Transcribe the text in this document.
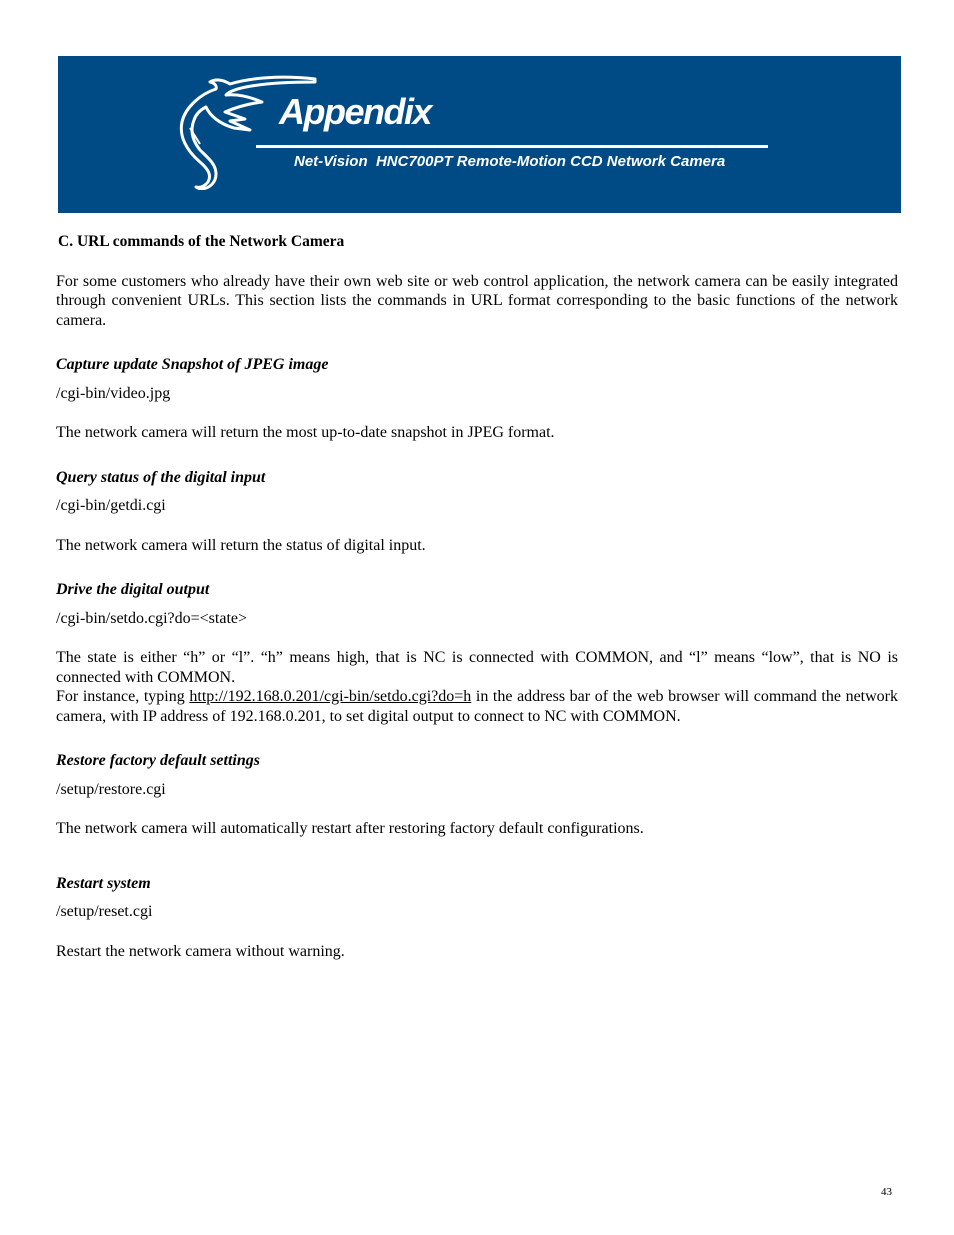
Appendix
Net-Vision  HNC700PT Remote-Motion CCD Network Camera

C. URL commands of the Network Camera

For some customers who already have their own web site or web control application, the network camera can be easily integrated through convenient URLs. This section lists the commands in URL format corresponding to the basic functions of the network camera.

Capture update Snapshot of JPEG image

/cgi-bin/video.jpg

The network camera will return the most up-to-date snapshot in JPEG format.

Query status of the digital input

/cgi-bin/getdi.cgi

The network camera will return the status of digital input.

Drive the digital output

/cgi-bin/setdo.cgi?do=<state>

The state is either “h” or “l”. “h” means high, that is NC is connected with COMMON, and “l” means “low”, that is NO is connected with COMMON.

For instance, typing http://192.168.0.201/cgi-bin/setdo.cgi?do=h in the address bar of the web browser will command the network camera, with IP address of 192.168.0.201, to set digital output to connect to NC with COMMON.

Restore factory default settings

/setup/restore.cgi

The network camera will automatically restart after restoring factory default configurations.

Restart system

/setup/reset.cgi

Restart the network camera without warning.

43
